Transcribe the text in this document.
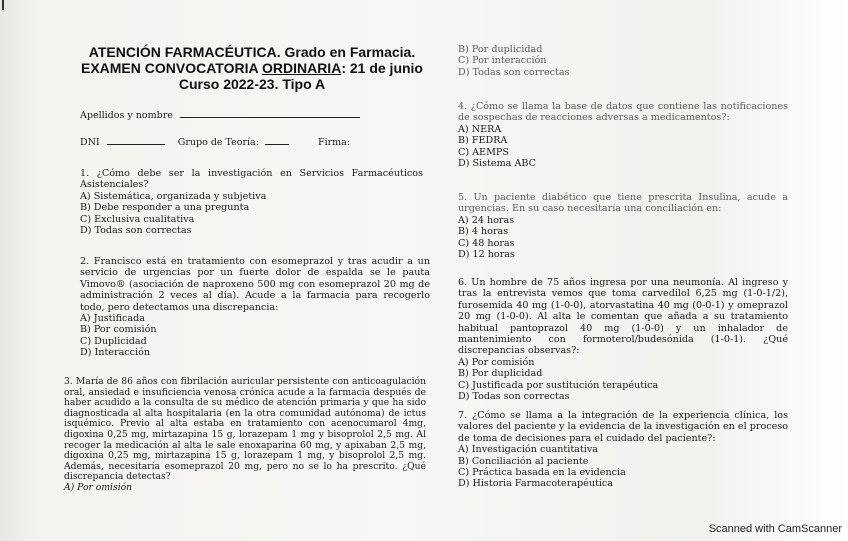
ATENCIÓN FARMACÉUTICA. Grado en Farmacia.
EXAMEN CONVOCATORIA ORDINARIA: 21 de junio
Curso 2022-23. Tipo A
Apellidos y nombre
DNI	Grupo de Teoría:	Firma:

1. ¿Cómo debe ser la investigación en Servicios Farmacéuticos Asistenciales?

A) Sistemática, organizada y subjetiva

B) Debe responder a una pregunta

C) Exclusiva cualitativa

D) Todas son correctas

2. Francisco está en tratamiento con esomeprazol y tras acudir a un servicio de urgencias por un fuerte dolor de espalda se le pauta Vimovo® (asociación de naproxeno 500 mg con esomeprazol 20 mg de administración 2 veces al día). Acude a la farmacia para recogerlo todo, pero detectamos una discrepancia:

A) Justificada

B) Por comisión

C) Duplicidad

D) Interacción

3. María de 86 años con fibrilación auricular persistente con anticoagulación oral, ansiedad e insuficiencia venosa crónica acude a la farmacia después de haber acudido a la consulta de su médico de atención primaria y que ha sido diagnosticada al alta hospitalaria (en la otra comunidad autónoma) de ictus isquémico. Previo al alta estaba en tratamiento con acenocumarol 4mg, digoxina 0,25 mg, mirtazapina 15 g, lorazepam 1 mg y bisoprolol 2,5 mg. Al recoger la medicación al alta le sale enoxaparina 60 mg, y apixaban 2,5 mg, digoxina 0,25 mg, mirtazapina 15 g, lorazepam 1 mg, y bisoprolol 2,5 mg. Además, necesitaría esomeprazol 20 mg, pero no se lo ha prescrito. ¿Qué discrepancia detectas?

A) Por omisión

B) Por duplicidad

C) Por interacción

D) Todas son correctas

4. ¿Cómo se llama la base de datos que contiene las notificaciones de sospechas de reacciones adversas a medicamentos?:

A) NERA

B) FEDRA

C) AEMPS

D) Sistema ABC

5. Un paciente diabético que tiene prescrita Insulina, acude a urgencias. En su caso necesitaría una conciliación en:

A) 24 horas

B) 4 horas

C) 48 horas

D) 12 horas

6. Un hombre de 75 años ingresa por una neumonía. Al ingreso y tras la entrevista vemos que toma carvedilol 6,25 mg (1-0-1/2), furosemida 40 mg (1-0-0), atorvastatina 40 mg (0-0-1) y omeprazol 20 mg (1-0-0). Al alta le comentan que añada a su tratamiento habitual pantoprazol 40 mg (1-0-0) y un inhalador de mantenimiento con formoterol/budesónida (1-0-1). ¿Qué discrepancias observas?:

A) Por comisión

B) Por duplicidad

C) Justificada por sustitución terapéutica

D) Todas son correctas

7. ¿Cómo se llama a la integración de la experiencia clínica, los valores del paciente y la evidencia de la investigación en el proceso de toma de decisiones para el cuidado del paciente?:

A) Investigación cuantitativa

B) Conciliación al paciente

C) Práctica basada en la evidencia

D) Historia Farmacoterapéutica

Scanned with CamScanner
